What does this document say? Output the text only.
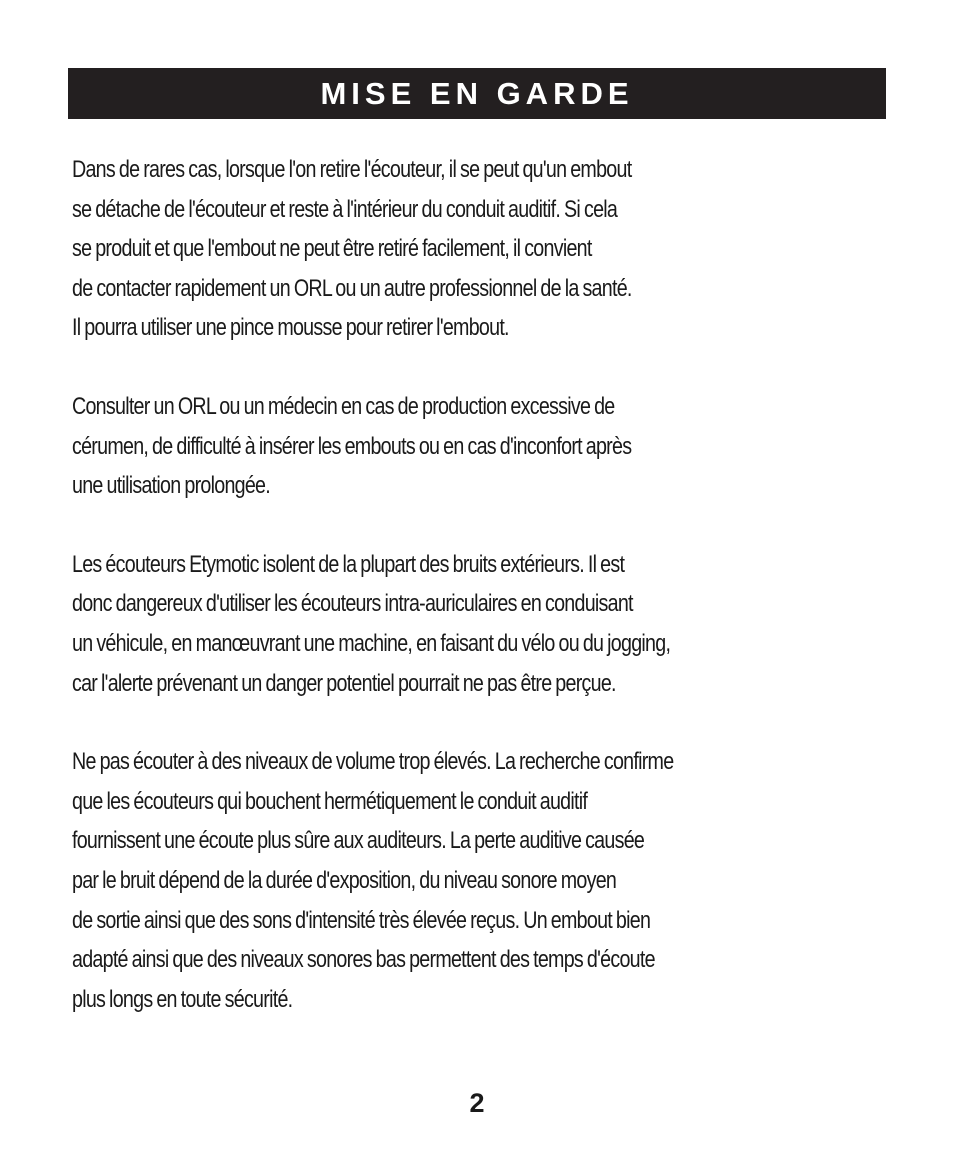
MISE EN GARDE

Dans de rares cas, lorsque l'on retire l'écouteur, il se peut qu'un embout
se détache de l'écouteur et reste à l'intérieur du conduit auditif. Si cela
se produit et que l'embout ne peut être retiré facilement, il convient
de contacter rapidement un ORL ou un autre professionnel de la santé.
Il pourra utiliser une pince mousse pour retirer l'embout.

Consulter un ORL ou un médecin en cas de production excessive de
cérumen, de difficulté à insérer les embouts ou en cas d'inconfort après
une utilisation prolongée.

Les écouteurs Etymotic isolent de la plupart des bruits extérieurs. Il est
donc dangereux d'utiliser les écouteurs intra-auriculaires en conduisant
un véhicule, en manœuvrant une machine, en faisant du vélo ou du jogging,
car l'alerte prévenant un danger potentiel pourrait ne pas être perçue.

Ne pas écouter à des niveaux de volume trop élevés. La recherche confirme
que les écouteurs qui bouchent hermétiquement le conduit auditif
fournissent une écoute plus sûre aux auditeurs. La perte auditive causée
par le bruit dépend de la durée d'exposition, du niveau sonore moyen
de sortie ainsi que des sons d'intensité très élevée reçus. Un embout bien
adapté ainsi que des niveaux sonores bas permettent des temps d'écoute
plus longs en toute sécurité.

2
